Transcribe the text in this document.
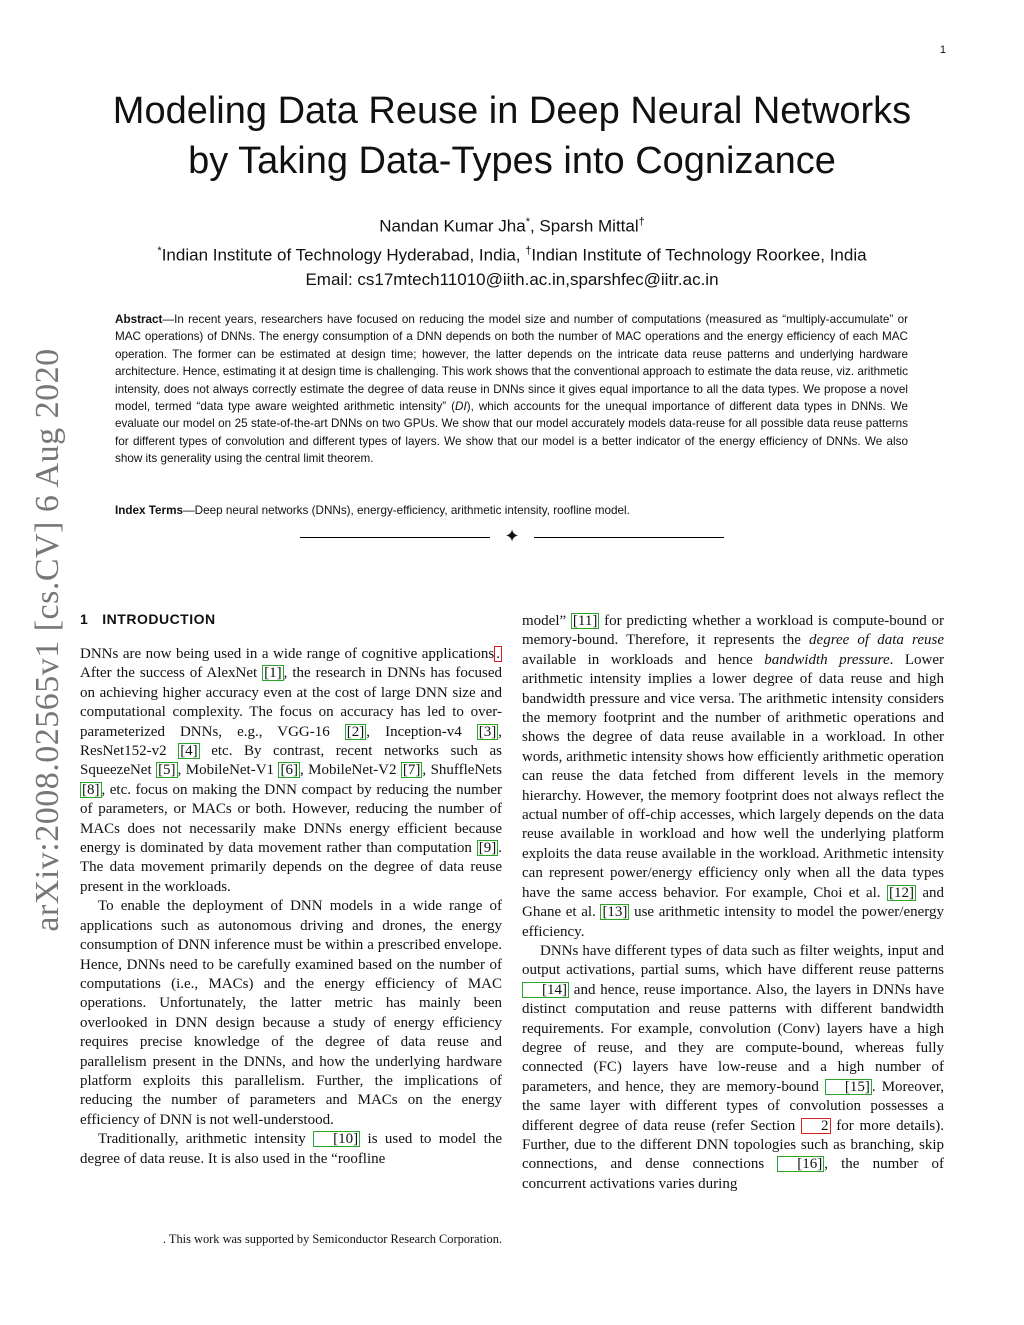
1
arXiv:2008.02565v1 [cs.CV] 6 Aug 2020
Modeling Data Reuse in Deep Neural Networks
by Taking Data-Types into Cognizance
Nandan Kumar Jha*, Sparsh Mittal†
*Indian Institute of Technology Hyderabad, India, †Indian Institute of Technology Roorkee, India
Email: cs17mtech11010@iith.ac.in,sparshfec@iitr.ac.in
Abstract—In recent years, researchers have focused on reducing the model size and number of computations (measured as “multiply-accumulate” or MAC operations) of DNNs. The energy consumption of a DNN depends on both the number of MAC operations and the energy efficiency of each MAC operation. The former can be estimated at design time; however, the latter depends on the intricate data reuse patterns and underlying hardware architecture. Hence, estimating it at design time is challenging. This work shows that the conventional approach to estimate the data reuse, viz. arithmetic intensity, does not always correctly estimate the degree of data reuse in DNNs since it gives equal importance to all the data types. We propose a novel model, termed “data type aware weighted arithmetic intensity” (DI), which accounts for the unequal importance of different data types in DNNs. We evaluate our model on 25 state-of-the-art DNNs on two GPUs. We show that our model accurately models data-reuse for all possible data reuse patterns for different types of convolution and different types of layers. We show that our model is a better indicator of the energy efficiency of DNNs. We also show its generality using the central limit theorem.
Index Terms—Deep neural networks (DNNs), energy-efficiency, arithmetic intensity, roofline model.
✦
1 INTRODUCTION

DNNs are now being used in a wide range of cognitive applications . After the success of AlexNet [1] , the research in DNNs has focused on achieving higher accuracy even at the cost of large DNN size and computational complexity. The focus on accuracy has led to over-parameterized DNNs, e.g., VGG-16 [2] , Inception-v4 [3] , ResNet152-v2 [4] etc. By contrast, recent networks such as SqueezeNet [5] , MobileNet-V1 [6] , MobileNet-V2 [7] , ShuffleNets [8] , etc. focus on making the DNN compact by reducing the number of parameters, or MACs or both. However, reducing the number of MACs does not necessarily make DNNs energy efficient because energy is dominated by data movement rather than computation [9] . The data movement primarily depends on the degree of data reuse present in the workloads.

To enable the deployment of DNN models in a wide range of applications such as autonomous driving and drones, the energy consumption of DNN inference must be within a prescribed envelope. Hence, DNNs need to be carefully examined based on the number of computations (i.e., MACs) and the energy efficiency of MAC operations. Unfortunately, the latter metric has mainly been overlooked in DNN design because a study of energy efficiency requires precise knowledge of the degree of data reuse and parallelism present in the DNNs, and how the underlying hardware platform exploits this parallelism. Further, the implications of reducing the number of parameters and MACs on the energy efficiency of DNN is not well-understood.

Traditionally, arithmetic intensity [10] is used to model the degree of data reuse. It is also used in the “roofline

model” [11] for predicting whether a workload is compute-bound or memory-bound. Therefore, it represents the degree of data reuse available in workloads and hence bandwidth pressure. Lower arithmetic intensity implies a lower degree of data reuse and high bandwidth pressure and vice versa. The arithmetic intensity considers the memory footprint and the number of arithmetic operations and shows the degree of data reuse available in a workload. In other words, arithmetic intensity shows how efficiently arithmetic operation can reuse the data fetched from different levels in the memory hierarchy. However, the memory footprint does not always reflect the actual number of off-chip accesses, which largely depends on the data reuse available in workload and how well the underlying platform exploits the data reuse available in the workload. Arithmetic intensity can represent power/energy efficiency only when all the data types have the same access behavior. For example, Choi et al. [12] and Ghane et al. [13] use arithmetic intensity to model the power/energy efficiency.

DNNs have different types of data such as filter weights, input and output activations, partial sums, which have different reuse patterns [14] and hence, reuse importance. Also, the layers in DNNs have distinct computation and reuse patterns with different bandwidth requirements. For example, convolution (Conv) layers have a high degree of reuse, and they are compute-bound, whereas fully connected (FC) layers have low-reuse and a high number of parameters, and hence, they are memory-bound [15] . Moreover, the same layer with different types of convolution possesses a different degree of data reuse (refer Section 2 for more details). Further, due to the different DNN topologies such as branching, skip connections, and dense connections [16] , the number of concurrent activations varies during

. This work was supported by Semiconductor Research Corporation.
